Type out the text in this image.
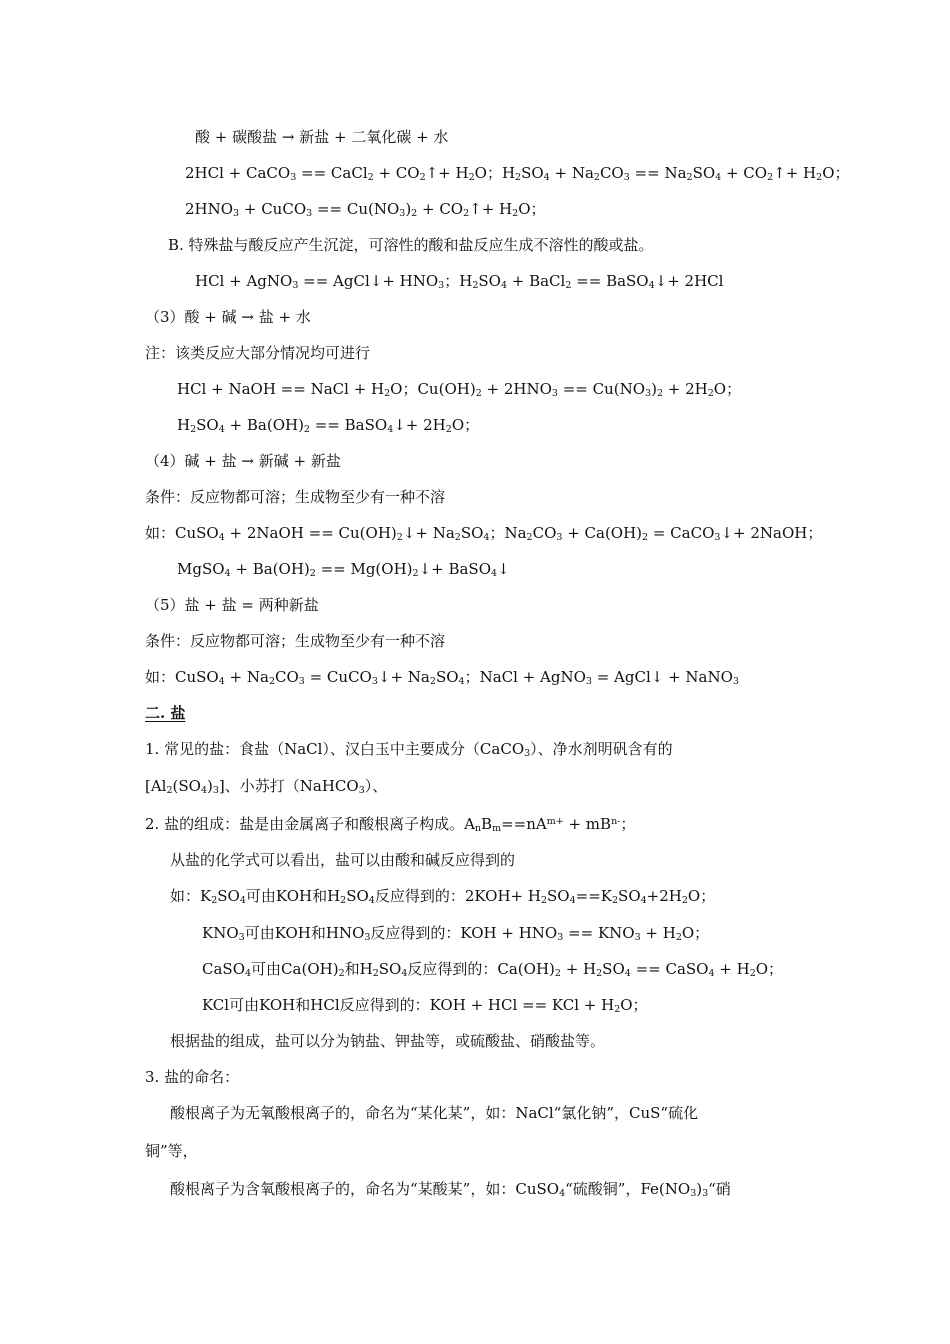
酸 + 碳酸盐 → 新盐 + 二氧化碳 + 水
2HCl + CaCO$_3$ == CaCl$_2$ + $CO_2↑+ H_2O$；$H_2SO_4 + Na_2CO_3 == Na_2SO_4$ + $CO_2↑+ H_2O$；
$2HNO_3$ + CuCO$_3$ == $Cu(NO_3)_2$ + $CO_2↑+ H_2O$；
B. 特殊盐与酸反应产生沉淀，可溶性的酸和盐反应生成不溶性的酸或盐。
HCl + AgNO$_3$ == AgCl↓+ $HNO_3$；$H_2SO_4$ + BaCl$_2$ == BaSO$_4$↓+ 2HCl
（3）酸 + 碱 → 盐 + 水
注：该类反应大部分情况均可进行
HCl + NaOH == NaCl + $H_2O$；$Cu(OH)_2 + 2HNO_3 == Cu(NO_3)_2 + 2H_2O$；
$H_2SO_4 + Ba(OH)_2$ == BaSO$_4$↓+ $2H_2O$；
（4）碱 + 盐 → 新碱 + 新盐
条件：反应物都可溶；生成物至少有一种不溶
如：CuSO$_4$ + 2NaOH == $Cu(OH)_2↓+ Na_2SO_4$；$Na_2CO_3 + Ca(OH)_2$ = CaCO$_3$↓+ 2NaOH；
MgSO$_4$ + $Ba(OH)_2$ == $Mg(OH)_2↓+$ BaSO$_4$↓
（5）盐 + 盐 = 两种新盐
条件：反应物都可溶；生成物至少有一种不溶
如：CuSO$_4$ + $Na_2CO_3$ = CuCO$_3$↓+ $Na_2SO_4$；NaCl + AgNO$_3$ = AgCl↓ + NaNO$_3$
二. 盐
1. 常见的盐：食盐（NaCl）、汉白玉中主要成分（CaCO$_3$）、净水剂明矾含有的
$[Al_2(SO_4)_3]$、小苏打（NaHCO$_3$）、
2. 盐的组成：盐是由金属离子和酸根离子构成。$A_nB_m==nA^{m+} + mB^{n-}$；
从盐的化学式可以看出，盐可以由酸和碱反应得到的
如：$K_2SO_4$可由KOH和$H_2SO_4$反应得到的：$2KOH+ H_2SO_4==K_2SO_4+2H_2O$；
$KNO_3$可由KOH和$HNO_3$反应得到的：KOH + $HNO_3 == KNO_3 + H_2O$；
CaSO$_4$可由$Ca(OH)_2$和$H_2SO_4$反应得到的：$Ca(OH)_2 + H_2SO_4$ == CaSO$_4$ + $H_2O$；
KCl可由KOH和HCl反应得到的：KOH + HCl == KCl + $H_2O$；
根据盐的组成，盐可以分为钠盐、钾盐等，或硫酸盐、硝酸盐等。
3. 盐的命名：
酸根离子为无氧酸根离子的，命名为“某化某”，如：NaCl“氯化钠”，CuS“硫化
铜”等，
酸根离子为含氧酸根离子的，命名为“某酸某”，如：CuSO$_4$“硫酸铜”，$Fe(NO_3)_3“$硝
